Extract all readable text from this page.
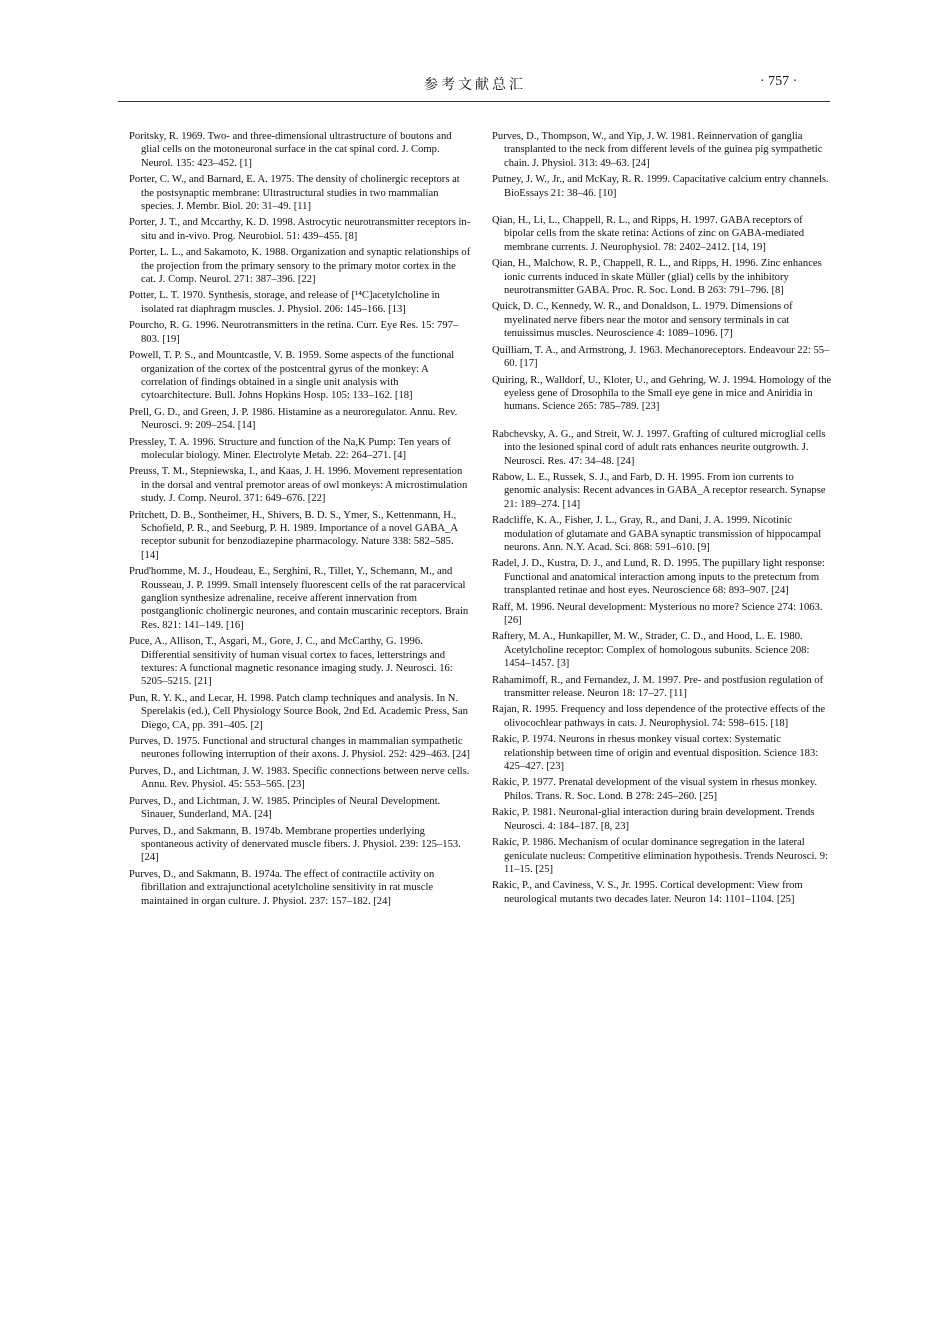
参考文献总汇	· 757 ·
Poritsky, R. 1969. Two- and three-dimensional ultrastructure of boutons and glial cells on the motoneuronal surface in the cat spinal cord. J. Comp. Neurol. 135: 423–452. [1]
Porter, C. W., and Barnard, E. A. 1975. The density of cholinergic receptors at the postsynaptic membrane: Ultrastructural studies in two mammalian species. J. Membr. Biol. 20: 31–49. [11]
Porter, J. T., and Mccarthy, K. D. 1998. Astrocytic neurotransmitter receptors in-situ and in-vivo. Prog. Neurobiol. 51: 439–455. [8]
Porter, L. L., and Sakamoto, K. 1988. Organization and synaptic relationships of the projection from the primary sensory to the primary motor cortex in the cat. J. Comp. Neurol. 271: 387–396. [22]
Potter, L. T. 1970. Synthesis, storage, and release of [¹⁴C]acetylcholine in isolated rat diaphragm muscles. J. Physiol. 206: 145–166. [13]
Pourcho, R. G. 1996. Neurotransmitters in the retina. Curr. Eye Res. 15: 797–803. [19]
Powell, T. P. S., and Mountcastle, V. B. 1959. Some aspects of the functional organization of the cortex of the postcentral gyrus of the monkey: A correlation of findings obtained in a single unit analysis with cytoarchitecture. Bull. Johns Hopkins Hosp. 105: 133–162. [18]
Prell, G. D., and Green, J. P. 1986. Histamine as a neuroregulator. Annu. Rev. Neurosci. 9: 209–254. [14]
Pressley, T. A. 1996. Structure and function of the Na,K Pump: Ten years of molecular biology. Miner. Electrolyte Metab. 22: 264–271. [4]
Preuss, T. M., Stepniewska, I., and Kaas, J. H. 1996. Movement representation in the dorsal and ventral premotor areas of owl monkeys: A microstimulation study. J. Comp. Neurol. 371: 649–676. [22]
Pritchett, D. B., Sontheimer, H., Shivers, B. D. S., Ymer, S., Kettenmann, H., Schofield, P. R., and Seeburg, P. H. 1989. Importance of a novel GABA_A receptor subunit for benzodiazepine pharmacology. Nature 338: 582–585. [14]
Prud'homme, M. J., Houdeau, E., Serghini, R., Tillet, Y., Schemann, M., and Rousseau, J. P. 1999. Small intensely fluorescent cells of the rat paracervical ganglion synthesize adrenaline, receive afferent innervation from postganglionic cholinergic neurones, and contain muscarinic receptors. Brain Res. 821: 141–149. [16]
Puce, A., Allison, T., Asgari, M., Gore, J. C., and McCarthy, G. 1996. Differential sensitivity of human visual cortex to faces, letterstrings and textures: A functional magnetic resonance imaging study. J. Neurosci. 16: 5205–5215. [21]
Pun, R. Y. K., and Lecar, H. 1998. Patch clamp techniques and analysis. In N. Sperelakis (ed.), Cell Physiology Source Book, 2nd Ed. Academic Press, San Diego, CA, pp. 391–405. [2]
Purves, D. 1975. Functional and structural changes in mammalian sympathetic neurones following interruption of their axons. J. Physiol. 252: 429–463. [24]
Purves, D., and Lichtman, J. W. 1983. Specific connections between nerve cells. Annu. Rev. Physiol. 45: 553–565. [23]
Purves, D., and Lichtman, J. W. 1985. Principles of Neural Development. Sinauer, Sunderland, MA. [24]
Purves, D., and Sakmann, B. 1974b. Membrane properties underlying spontaneous activity of denervated muscle fibers. J. Physiol. 239: 125–153. [24]
Purves, D., and Sakmann, B. 1974a. The effect of contractile activity on fibrillation and extrajunctional acetylcholine sensitivity in rat muscle maintained in organ culture. J. Physiol. 237: 157–182. [24]
Purves, D., Thompson, W., and Yip, J. W. 1981. Reinnervation of ganglia transplanted to the neck from different levels of the guinea pig sympathetic chain. J. Physiol. 313: 49–63. [24]
Putney, J. W., Jr., and McKay, R. R. 1999. Capacitative calcium entry channels. BioEssays 21: 38–46. [10]
Qian, H., Li, L., Chappell, R. L., and Ripps, H. 1997. GABA receptors of bipolar cells from the skate retina: Actions of zinc on GABA-mediated membrane currents. J. Neurophysiol. 78: 2402–2412. [14, 19]
Qian, H., Malchow, R. P., Chappell, R. L., and Ripps, H. 1996. Zinc enhances ionic currents induced in skate Müller (glial) cells by the inhibitory neurotransmitter GABA. Proc. R. Soc. Lond. B 263: 791–796. [8]
Quick, D. C., Kennedy, W. R., and Donaldson, L. 1979. Dimensions of myelinated nerve fibers near the motor and sensory terminals in cat tenuissimus muscles. Neuroscience 4: 1089–1096. [7]
Quilliam, T. A., and Armstrong, J. 1963. Mechanoreceptors. Endeavour 22: 55–60. [17]
Quiring, R., Walldorf, U., Kloter, U., and Gehring, W. J. 1994. Homology of the eyeless gene of Drosophila to the Small eye gene in mice and Aniridia in humans. Science 265: 785–789. [23]
Rabchevsky, A. G., and Streit, W. J. 1997. Grafting of cultured microglial cells into the lesioned spinal cord of adult rats enhances neurite outgrowth. J. Neurosci. Res. 47: 34–48. [24]
Rabow, L. E., Russek, S. J., and Farb, D. H. 1995. From ion currents to genomic analysis: Recent advances in GABA_A receptor research. Synapse 21: 189–274. [14]
Radcliffe, K. A., Fisher, J. L., Gray, R., and Dani, J. A. 1999. Nicotinic modulation of glutamate and GABA synaptic transmission of hippocampal neurons. Ann. N.Y. Acad. Sci. 868: 591–610. [9]
Radel, J. D., Kustra, D. J., and Lund, R. D. 1995. The pupillary light response: Functional and anatomical interaction among inputs to the pretectum from transplanted retinae and host eyes. Neuroscience 68: 893–907. [24]
Raff, M. 1996. Neural development: Mysterious no more? Science 274: 1063. [26]
Raftery, M. A., Hunkapiller, M. W., Strader, C. D., and Hood, L. E. 1980. Acetylcholine receptor: Complex of homologous subunits. Science 208: 1454–1457. [3]
Rahamimoff, R., and Fernandez, J. M. 1997. Pre- and postfusion regulation of transmitter release. Neuron 18: 17–27. [11]
Rajan, R. 1995. Frequency and loss dependence of the protective effects of the olivocochlear pathways in cats. J. Neurophysiol. 74: 598–615. [18]
Rakic, P. 1974. Neurons in rhesus monkey visual cortex: Systematic relationship between time of origin and eventual disposition. Science 183: 425–427. [23]
Rakic, P. 1977. Prenatal development of the visual system in rhesus monkey. Philos. Trans. R. Soc. Lond. B 278: 245–260. [25]
Rakic, P. 1981. Neuronal-glial interaction during brain development. Trends Neurosci. 4: 184–187. [8, 23]
Rakic, P. 1986. Mechanism of ocular dominance segregation in the lateral geniculate nucleus: Competitive elimination hypothesis. Trends Neurosci. 9: 11–15. [25]
Rakic, P., and Caviness, V. S., Jr. 1995. Cortical development: View from neurological mutants two decades later. Neuron 14: 1101–1104. [25]
